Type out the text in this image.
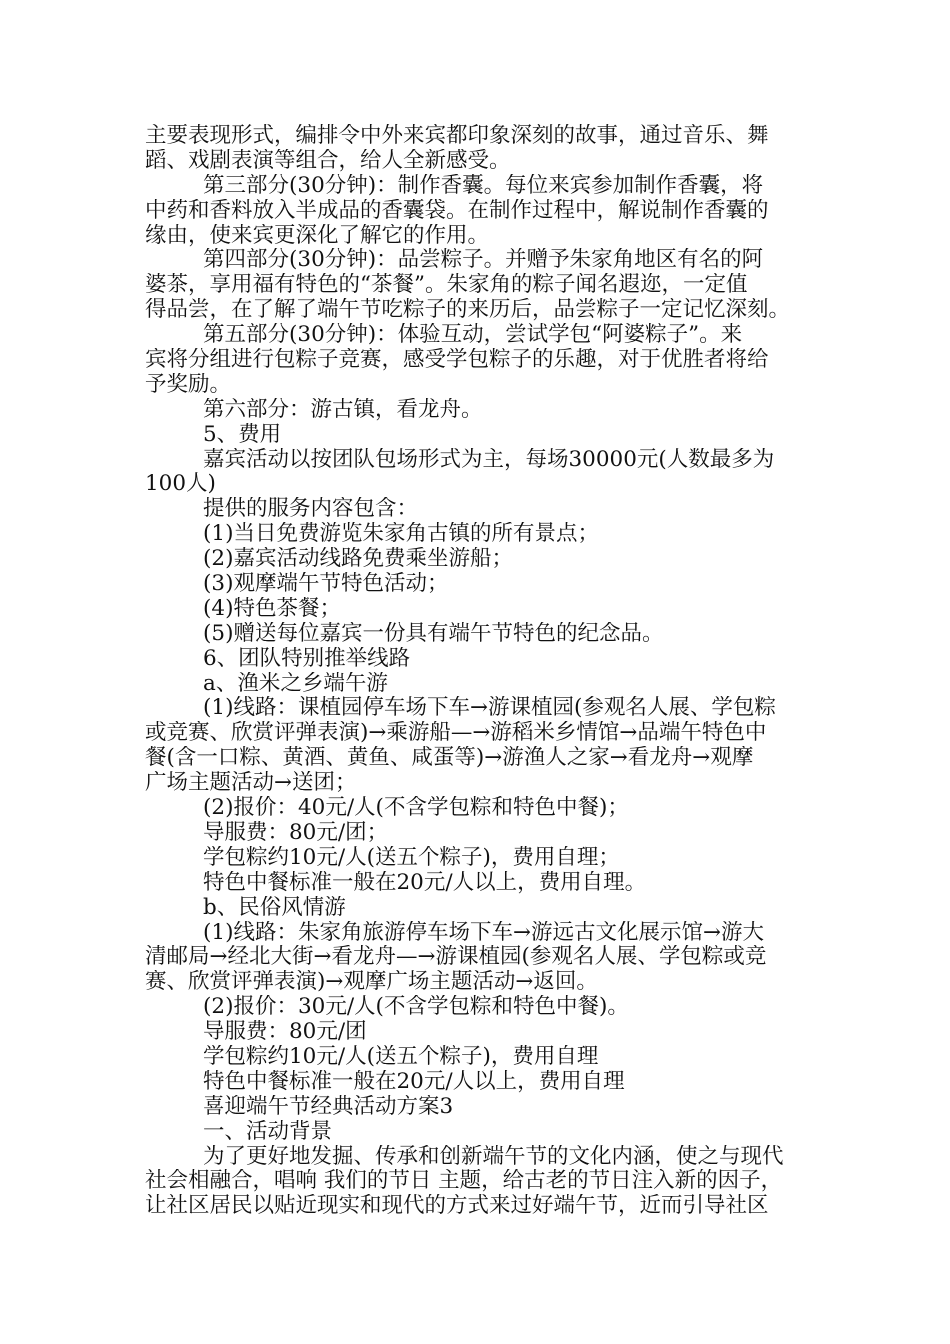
主要表现形式，编排令中外来宾都印象深刻的故事，通过音乐、舞
蹈、戏剧表演等组合，给人全新感受。
第三部分(30分钟)：制作香囊。每位来宾参加制作香囊，将
中药和香料放入半成品的香囊袋。在制作过程中，解说制作香囊的
缘由，使来宾更深化了解它的作用。
第四部分(30分钟)：品尝粽子。并赠予朱家角地区有名的阿
婆茶，享用福有特色的“茶餐”。朱家角的粽子闻名遐迩，一定值
得品尝，在了解了端午节吃粽子的来历后，品尝粽子一定记忆深刻。
第五部分(30分钟)：体验互动，尝试学包“阿婆粽子”。来
宾将分组进行包粽子竞赛，感受学包粽子的乐趣，对于优胜者将给
予奖励。
第六部分：游古镇，看龙舟。
5、费用
嘉宾活动以按团队包场形式为主，每场30000元(人数最多为
100人)
提供的服务内容包含：
(1)当日免费游览朱家角古镇的所有景点；
(2)嘉宾活动线路免费乘坐游船；
(3)观摩端午节特色活动；
(4)特色茶餐；
(5)赠送每位嘉宾一份具有端午节特色的纪念品。
6、团队特别推举线路
a、渔米之乡端午游
(1)线路：课植园停车场下车→游课植园(参观名人展、学包粽
或竞赛、欣赏评弹表演)→乘游船—→游稻米乡情馆→品端午特色中
餐(含一口粽、黄酒、黄鱼、咸蛋等)→游渔人之家→看龙舟→观摩
广场主题活动→送团；
(2)报价：40元/人(不含学包粽和特色中餐)；
导服费：80元/团；
学包粽约10元/人(送五个粽子)，费用自理；
特色中餐标准一般在20元/人以上，费用自理。
b、民俗风情游
(1)线路：朱家角旅游停车场下车→游远古文化展示馆→游大
清邮局→经北大街→看龙舟—→游课植园(参观名人展、学包粽或竞
赛、欣赏评弹表演)→观摩广场主题活动→返回。
(2)报价：30元/人(不含学包粽和特色中餐)。
导服费：80元/团
学包粽约10元/人(送五个粽子)，费用自理
特色中餐标准一般在20元/人以上，费用自理
喜迎端午节经典活动方案3
一、活动背景
为了更好地发掘、传承和创新端午节的文化内涵，使之与现代
社会相融合，唱响 我们的节日 主题，给古老的节日注入新的因子，
让社区居民以贴近现实和现代的方式来过好端午节，近而引导社区
